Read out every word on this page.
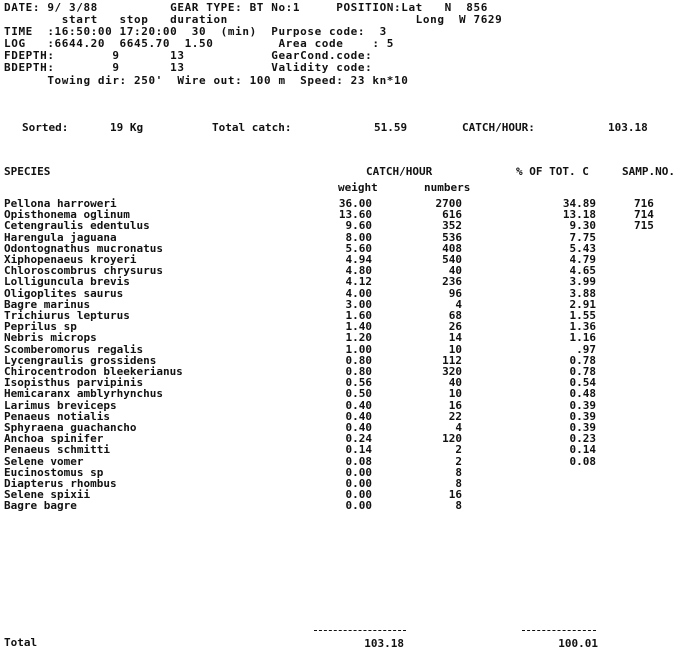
DATE: 9/ 3/88          GEAR TYPE: BT No:1     POSITION:Lat   N  856
start   stop   duration                          Long  W 7629
TIME  :16:50:00 17:20:00  30  (min)  Purpose code:  3
LOG   :6644.20  6645.70  1.50         Area code    : 5
FDEPTH:        9       13            GearCond.code:
BDEPTH:        9       13            Validity code:
Towing dir: 250'  Wire out: 100 m  Speed: 23 kn*10
Sorted:	19 Kg	Total catch:	51.59	CATCH/HOUR:	103.18
SPECIES	CATCH/HOUR	% OF TOT. C	SAMP.NO.
weight	numbers
Pellona harroweri	36.00	2700	34.89	716
Opisthonema oglinum	13.60	616	13.18	714
Cetengraulis edentulus	9.60	352	9.30	715
Harengula jaguana	8.00	536	7.75
Odontognathus mucronatus	5.60	408	5.43
Xiphopenaeus kroyeri	4.94	540	4.79
Chloroscombrus chrysurus	4.80	40	4.65
Lolliguncula brevis	4.12	236	3.99
Oligoplites saurus	4.00	96	3.88
Bagre marinus	3.00	4	2.91
Trichiurus lepturus	1.60	68	1.55
Peprilus sp	1.40	26	1.36
Nebris microps	1.20	14	1.16
Scomberomorus regalis	1.00	10	.97
Lycengraulis grossidens	0.80	112	0.78
Chirocentrodon bleekerianus	0.80	320	0.78
Isopisthus parvipinis	0.56	40	0.54
Hemicaranx amblyrhynchus	0.50	10	0.48
Larimus breviceps	0.40	16	0.39
Penaeus notialis	0.40	22	0.39
Sphyraena guachancho	0.40	4	0.39
Anchoa spinifer	0.24	120	0.23
Penaeus schmitti	0.14	2	0.14
Selene vomer	0.08	2	0.08
Eucinostomus sp	0.00	8
Diapterus rhombus	0.00	8
Selene spixii	0.00	16
Bagre bagre	0.00	8
Total	103.18	100.01
